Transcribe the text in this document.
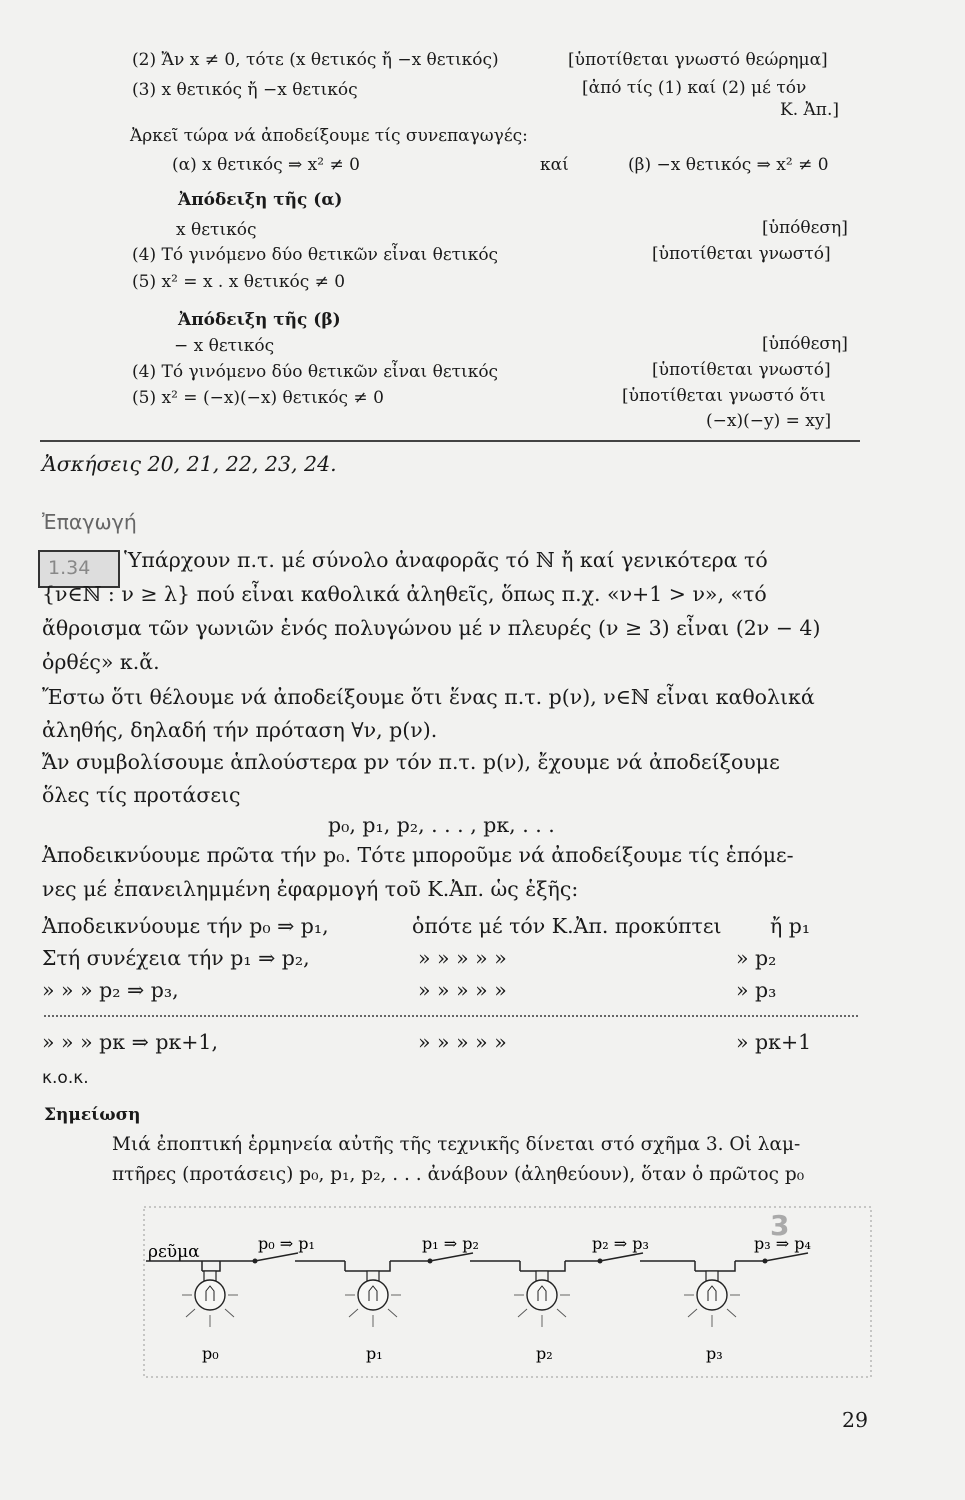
(2) Ἄν x ≠ 0, τότε (x θετικός ἤ −x θετικός)	[ὑποτίθεται γνωστό θεώρημα]
(3) x θετικός ἤ −x θετικός	[ἀπό τίς (1) καί (2) μέ τόν
Κ. Ἀπ.]
Ἀρκεῖ τώρα νά ἀποδείξουμε τίς συνεπαγωγές:
(α) x θετικός ⇒ x² ≠ 0	καί	(β) −x θετικός ⇒ x² ≠ 0
Ἀπόδειξη τῆς (α)
x θετικός	[ὑπόθεση]
(4) Τό γινόμενο δύο θετικῶν εἶναι θετικός	[ὑποτίθεται γνωστό]
(5) x² = x . x θετικός ≠ 0
Ἀπόδειξη τῆς (β)
− x θετικός	[ὑπόθεση]
(4) Τό γινόμενο δύο θετικῶν εἶναι θετικός	[ὑποτίθεται γνωστό]
(5) x² = (−x)(−x) θετικός ≠ 0	[ὑποτίθεται γνωστό ὅτι
(−x)(−y) = xy]
Ἀσκήσεις 20, 21, 22, 23, 24.
Ἐπαγωγή
1.34 Ὑπάρχουν π.τ. μέ σύνολο ἀναφορᾶς τό ℕ ἤ καί γενικότερα τό
{ν∈ℕ : ν ≥ λ} πού εἶναι καθολικά ἀληθεῖς, ὅπως π.χ. «ν+1 > ν», «τό
ἄθροισμα τῶν γωνιῶν ἑνός πολυγώνου μέ ν πλευρές (ν ≥ 3) εἶναι (2ν − 4)
ὀρθές» κ.ἄ.
Ἔστω ὅτι θέλουμε νά ἀποδείξουμε ὅτι ἕνας π.τ. p(ν), ν∈ℕ εἶναι καθολικά
ἀληθής, δηλαδή τήν πρόταση ∀ν, p(ν).
Ἄν συμβολίσουμε ἁπλούστερα pν τόν π.τ. p(ν), ἔχουμε νά ἀποδείξουμε
ὅλες τίς προτάσεις
p₀, p₁, p₂, . . . , pκ, . . .
Ἀποδεικνύουμε πρῶτα τήν p₀. Τότε μποροῦμε νά ἀποδείξουμε τίς ἑπόμε-
νες μέ ἐπανειλημμένη ἐφαρμογή τοῦ Κ.Ἀπ. ὡς ἑξῆς:
Ἀποδεικνύουμε τήν p₀ ⇒ p₁,	ὁπότε μέ τόν Κ.Ἀπ. προκύπτει ἤ p₁
Στή συνέχεια τήν p₁ ⇒ p₂,	» » » » »	» p₂
» » » p₂ ⇒ p₃,	» » » » »	» p₃
» » » pκ ⇒ pκ+1,	» » » » »	» pκ+1
κ.ο.κ.
Σημείωση
Μιά ἐποπτική ἑρμηνεία αὐτῆς τῆς τεχνικῆς δίνεται στό σχῆμα 3. Οἱ λαμ-
πτῆρες (προτάσεις) p₀, p₁, p₂, . . . ἀνάβουν (ἀληθεύουν), ὅταν ὁ πρῶτος p₀
3
ρεῦμα	p₀ ⇒ p₁	p₁ ⇒ p₂	p₂ ⇒ p₃	p₃ ⇒ p₄
p₀	p₁	p₂	p₃
29
